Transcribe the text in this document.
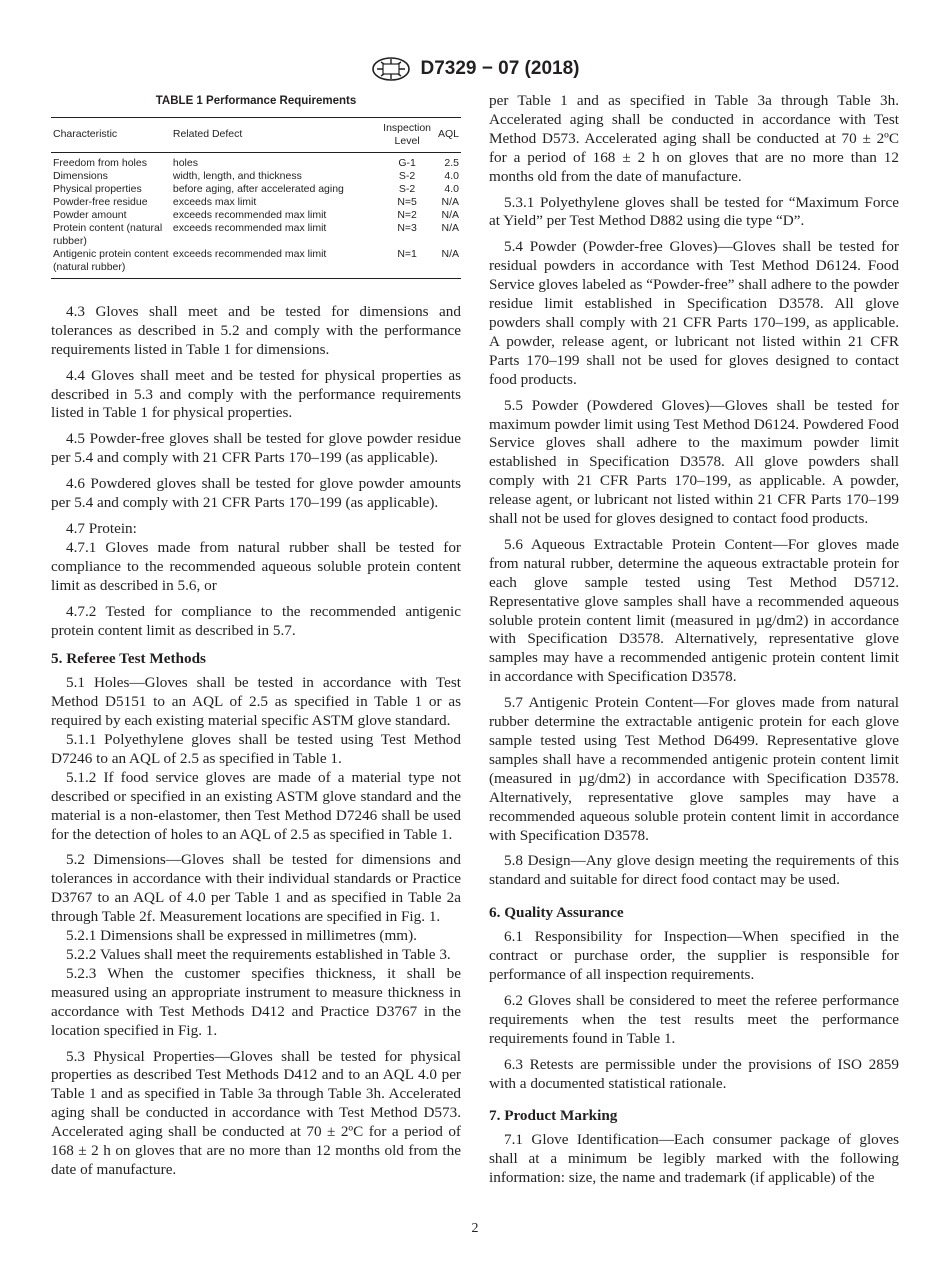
D7329 − 07 (2018)
TABLE 1 Performance Requirements
Characteristic	Related Defect	Inspection Level	AQL
Freedom from holes	holes	G-1	2.5
Dimensions	width, length, and thickness	S-2	4.0
Physical properties	before aging, after accelerated aging	S-2	4.0
Powder-free residue	exceeds max limit	N=5	N/A
Powder amount	exceeds recommended max limit	N=2	N/A
Protein content (natural rubber)	exceeds recommended max limit	N=3	N/A
Antigenic protein content (natural rubber)	exceeds recommended max limit	N=1	N/A

4.3 Gloves shall meet and be tested for dimensions and tolerances as described in 5.2 and comply with the performance requirements listed in Table 1 for dimensions.

4.4 Gloves shall meet and be tested for physical properties as described in 5.3 and comply with the performance requirements listed in Table 1 for physical properties.

4.5 Powder-free gloves shall be tested for glove powder residue per 5.4 and comply with 21 CFR Parts 170–199 (as applicable).

4.6 Powdered gloves shall be tested for glove powder amounts per 5.4 and comply with 21 CFR Parts 170–199 (as applicable).

4.7 Protein:

4.7.1 Gloves made from natural rubber shall be tested for compliance to the recommended aqueous soluble protein content limit as described in 5.6, or

4.7.2 Tested for compliance to the recommended antigenic protein content limit as described in 5.7.

5. Referee Test Methods

5.1 Holes—Gloves shall be tested in accordance with Test Method D5151 to an AQL of 2.5 as specified in Table 1 or as required by each existing material specific ASTM glove standard.

5.1.1 Polyethylene gloves shall be tested using Test Method D7246 to an AQL of 2.5 as specified in Table 1.

5.1.2 If food service gloves are made of a material type not described or specified in an existing ASTM glove standard and the material is a non-elastomer, then Test Method D7246 shall be used for the detection of holes to an AQL of 2.5 as specified in Table 1.

5.2 Dimensions—Gloves shall be tested for dimensions and tolerances in accordance with their individual standards or Practice D3767 to an AQL of 4.0 per Table 1 and as specified in Table 2a through Table 2f. Measurement locations are specified in Fig. 1.

5.2.1 Dimensions shall be expressed in millimetres (mm).

5.2.2 Values shall meet the requirements established in Table 3.

5.2.3 When the customer specifies thickness, it shall be measured using an appropriate instrument to measure thickness in accordance with Test Methods D412 and Practice D3767 in the location specified in Fig. 1.

5.3 Physical Properties—Gloves shall be tested for physical properties as described Test Methods D412 and to an AQL 4.0 per Table 1 and as specified in Table 3a through Table 3h. Accelerated aging shall be conducted in accordance with Test Method D573. Accelerated aging shall be conducted at 70 ± 2ºC for a period of 168 ± 2 h on gloves that are no more than 12 months old from the date of manufacture.

per Table 1 and as specified in Table 3a through Table 3h. Accelerated aging shall be conducted in accordance with Test Method D573. Accelerated aging shall be conducted at 70 ± 2ºC for a period of 168 ± 2 h on gloves that are no more than 12 months old from the date of manufacture.

5.3.1 Polyethylene gloves shall be tested for “Maximum Force at Yield” per Test Method D882 using die type “D”.

5.4 Powder (Powder-free Gloves)—Gloves shall be tested for residual powders in accordance with Test Method D6124. Food Service gloves labeled as “Powder-free” shall adhere to the powder residue limit established in Specification D3578. All glove powders shall comply with 21 CFR Parts 170–199, as applicable. A powder, release agent, or lubricant not listed within 21 CFR Parts 170–199 shall not be used for gloves designed to contact food products.

5.5 Powder (Powdered Gloves)—Gloves shall be tested for maximum powder limit using Test Method D6124. Powdered Food Service gloves shall adhere to the maximum powder limit established in Specification D3578. All glove powders shall comply with 21 CFR Parts 170–199, as applicable. A powder, release agent, or lubricant not listed within 21 CFR Parts 170–199 shall not be used for gloves designed to contact food products.

5.6 Aqueous Extractable Protein Content—For gloves made from natural rubber, determine the aqueous extractable protein for each glove sample tested using Test Method D5712. Representative glove samples shall have a recommended aqueous soluble protein content limit (measured in µg/dm2) in accordance with Specification D3578. Alternatively, representative glove samples may have a recommended antigenic protein content limit in accordance with Specification D3578.

5.7 Antigenic Protein Content—For gloves made from natural rubber determine the extractable antigenic protein for each glove sample tested using Test Method D6499. Representative glove samples shall have a recommended antigenic protein content limit (measured in µg/dm2) in accordance with Specification D3578. Alternatively, representative glove samples may have a recommended aqueous soluble protein content limit in accordance with Specification D3578.

5.8 Design—Any glove design meeting the requirements of this standard and suitable for direct food contact may be used.

6. Quality Assurance

6.1 Responsibility for Inspection—When specified in the contract or purchase order, the supplier is responsible for performance of all inspection requirements.

6.2 Gloves shall be considered to meet the referee performance requirements when the test results meet the performance requirements found in Table 1.

6.3 Retests are permissible under the provisions of ISO 2859 with a documented statistical rationale.

7. Product Marking

7.1 Glove Identification—Each consumer package of gloves shall at a minimum be legibly marked with the following information: size, the name and trademark (if applicable) of the

2
